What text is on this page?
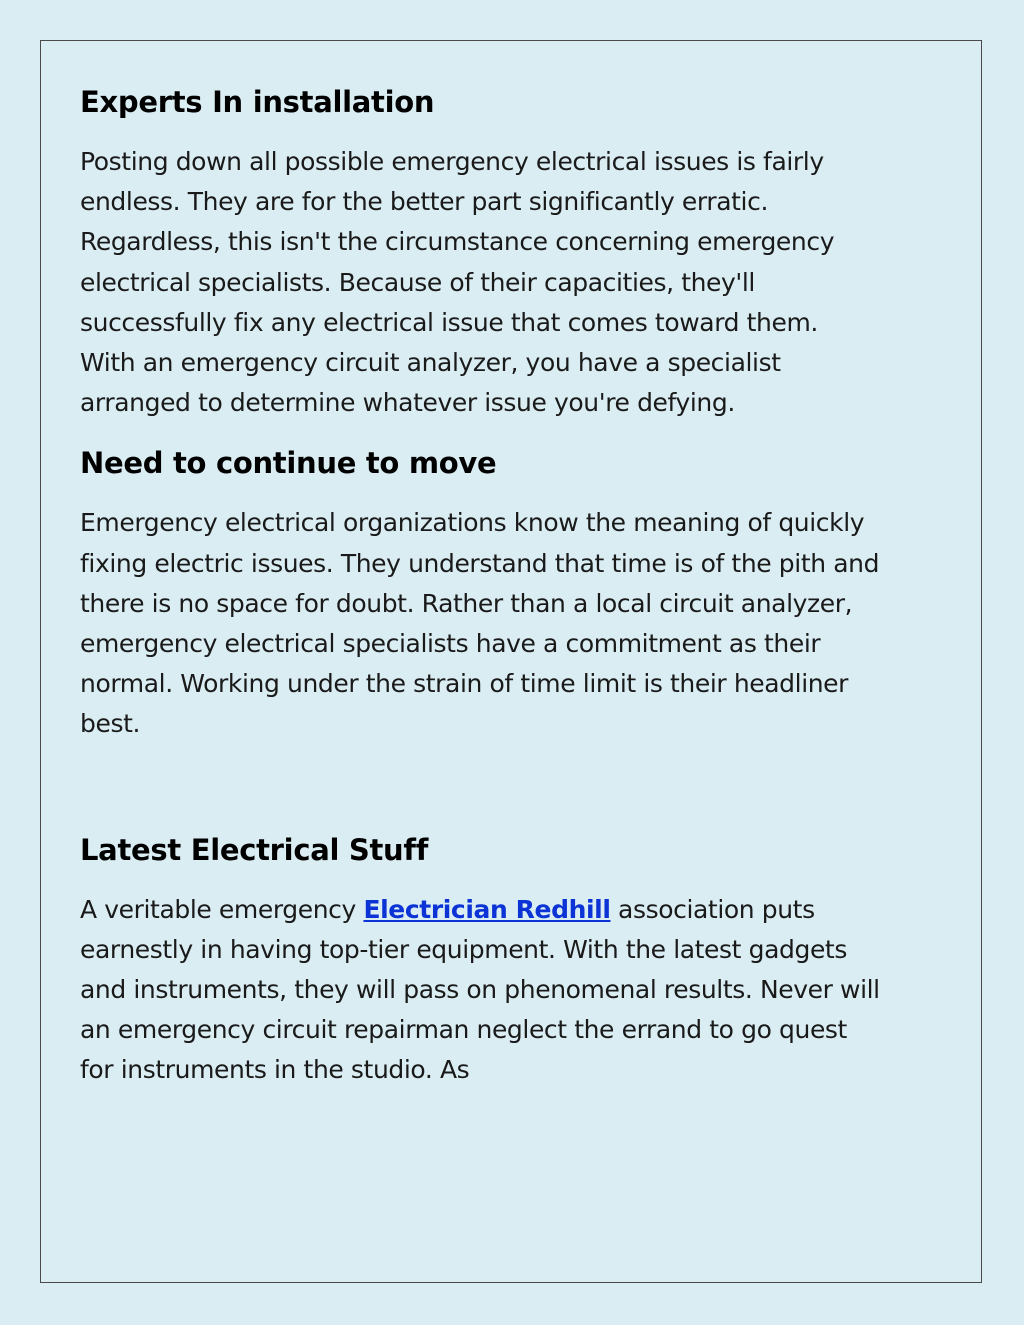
Experts In installation

Posting down all possible emergency electrical issues is fairly endless. They are for the better part significantly erratic. Regardless, this isn't the circumstance concerning emergency electrical specialists. Because of their capacities, they'll successfully fix any electrical issue that comes toward them. With an emergency circuit analyzer, you have a specialist arranged to determine whatever issue you're defying.

Need to continue to move

Emergency electrical organizations know the meaning of quickly fixing electric issues. They understand that time is of the pith and there is no space for doubt. Rather than a local circuit analyzer, emergency electrical specialists have a commitment as their normal. Working under the strain of time limit is their headliner best.

Latest Electrical Stuff

A veritable emergency Electrician Redhill association puts earnestly in having top-tier equipment. With the latest gadgets and instruments, they will pass on phenomenal results. Never will an emergency circuit repairman neglect the errand to go quest for instruments in the studio. As
